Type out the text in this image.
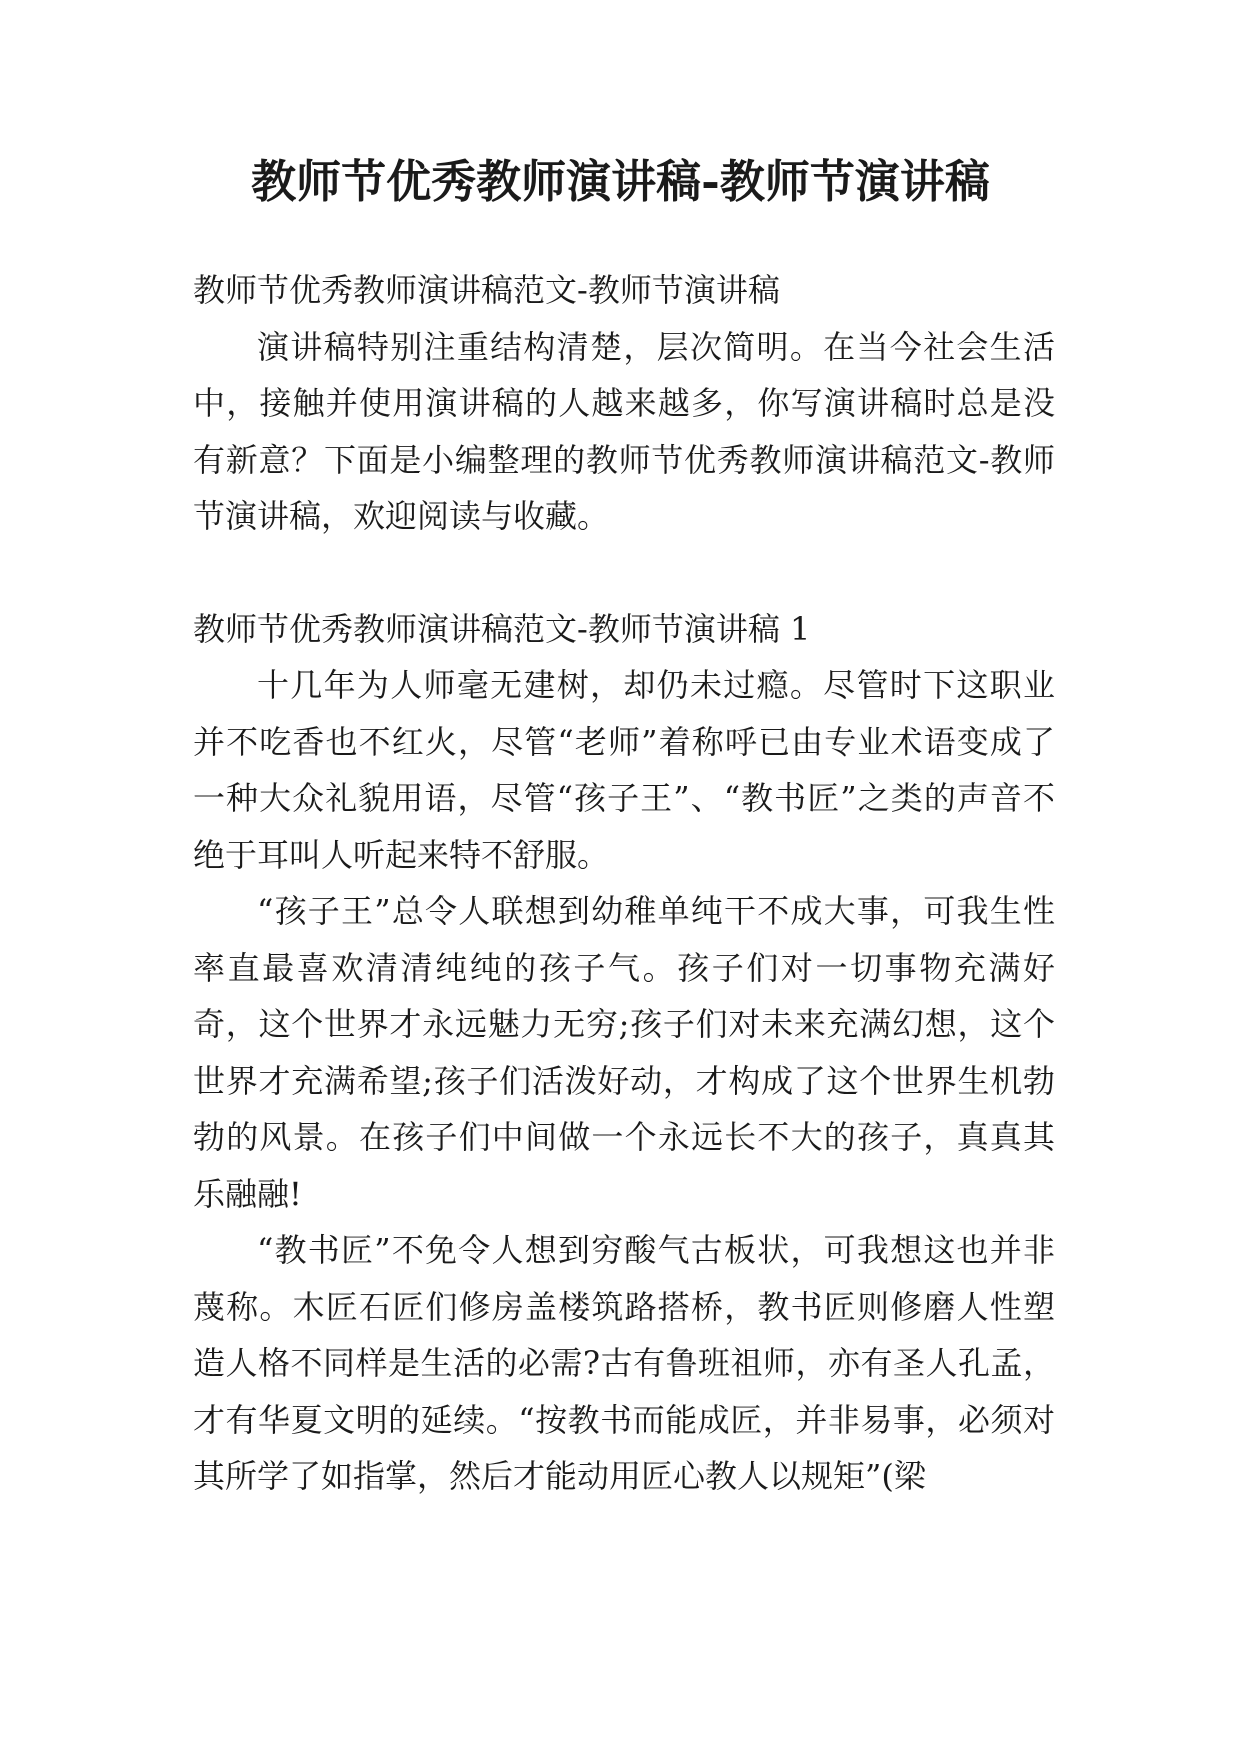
教师节优秀教师演讲稿-教师节演讲稿

教师节优秀教师演讲稿范文-教师节演讲稿

演讲稿特别注重结构清楚，层次简明。在当今社会生活中，接触并使用演讲稿的人越来越多，你写演讲稿时总是没有新意？下面是小编整理的教师节优秀教师演讲稿范文-教师节演讲稿，欢迎阅读与收藏。

教师节优秀教师演讲稿范文-教师节演讲稿 1

十几年为人师毫无建树，却仍未过瘾。尽管时下这职业并不吃香也不红火，尽管“老师”着称呼已由专业术语变成了一种大众礼貌用语，尽管“孩子王”、“教书匠”之类的声音不绝于耳叫人听起来特不舒服。

“孩子王”总令人联想到幼稚单纯干不成大事，可我生性率直最喜欢清清纯纯的孩子气。孩子们对一切事物充满好奇，这个世界才永远魅力无穷;孩子们对未来充满幻想，这个世界才充满希望;孩子们活泼好动，才构成了这个世界生机勃勃的风景。在孩子们中间做一个永远长不大的孩子，真真其乐融融!

“教书匠”不免令人想到穷酸气古板状，可我想这也并非蔑称。木匠石匠们修房盖楼筑路搭桥，教书匠则修磨人性塑造人格不同样是生活的必需?古有鲁班祖师，亦有圣人孔孟，才有华夏文明的延续。“按教书而能成匠，并非易事，必须对其所学了如指掌，然后才能动用匠心教人以规矩”(梁
